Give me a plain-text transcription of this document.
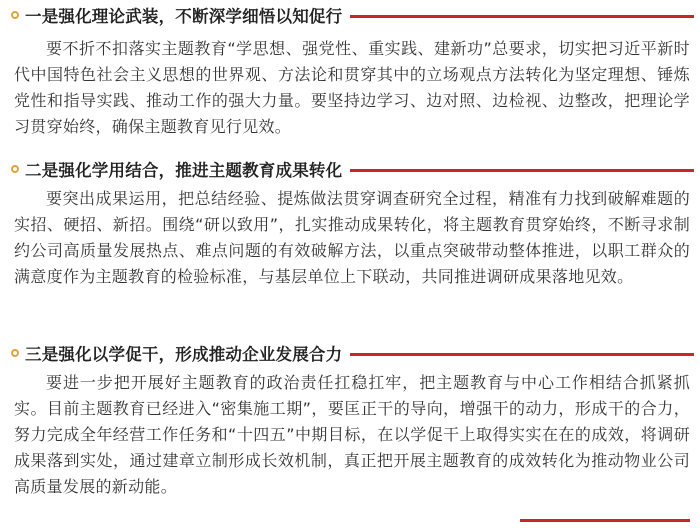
一是强化理论武装，不断深学细悟以知促行

要不折不扣落实主题教育“学思想、强党性、重实践、建新功”总要求，切实把习近平新时代中国特色社会主义思想的世界观、方法论和贯穿其中的立场观点方法转化为坚定理想、锤炼党性和指导实践、推动工作的强大力量。要坚持边学习、边对照、边检视、边整改，把理论学习贯穿始终，确保主题教育见行见效。

二是强化学用结合，推进主题教育成果转化

要突出成果运用，把总结经验、提炼做法贯穿调查研究全过程，精准有力找到破解难题的实招、硬招、新招。围绕“研以致用”，扎实推动成果转化，将主题教育贯穿始终，不断寻求制约公司高质量发展热点、难点问题的有效破解方法，以重点突破带动整体推进，以职工群众的满意度作为主题教育的检验标准，与基层单位上下联动，共同推进调研成果落地见效。

三是强化以学促干，形成推动企业发展合力

要进一步把开展好主题教育的政治责任扛稳扛牢，把主题教育与中心工作相结合抓紧抓实。目前主题教育已经进入“密集施工期”，要匡正干的导向，增强干的动力，形成干的合力，努力完成全年经营工作任务和“十四五”中期目标，在以学促干上取得实实在在的成效，将调研成果落到实处，通过建章立制形成长效机制，真正把开展主题教育的成效转化为推动物业公司高质量发展的新动能。
